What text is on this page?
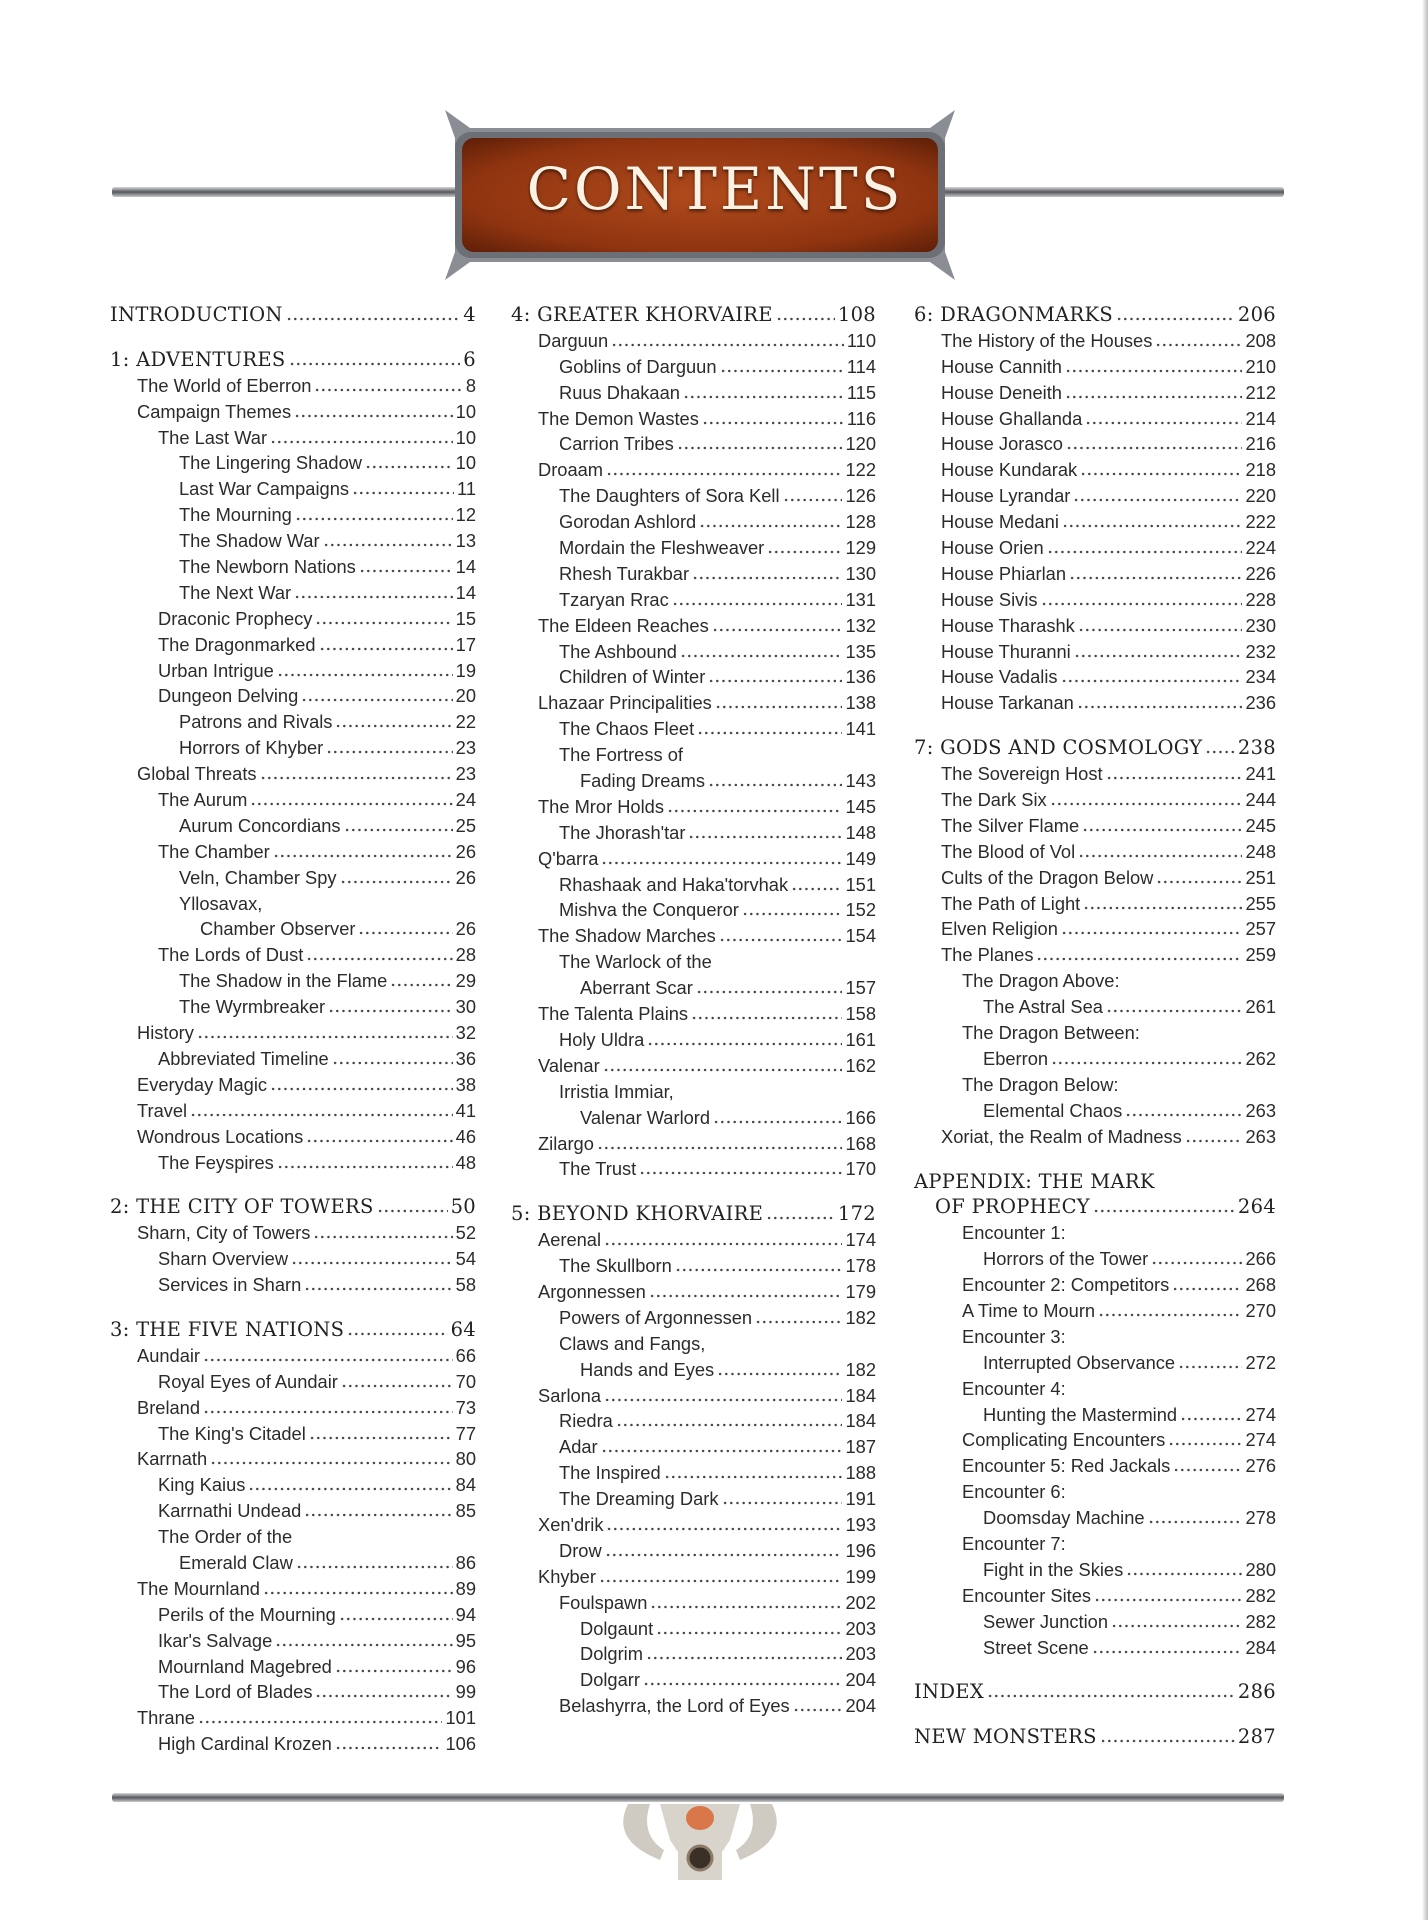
CONTENTS
INTRODUCTION	4
1: ADVENTURES	6
The World of Eberron	8
Campaign Themes	10
The Last War	10
The Lingering Shadow	10
Last War Campaigns	11
The Mourning	12
The Shadow War	13
The Newborn Nations	14
The Next War	14
Draconic Prophecy	15
The Dragonmarked	17
Urban Intrigue	19
Dungeon Delving	20
Patrons and Rivals	22
Horrors of Khyber	23
Global Threats	23
The Aurum	24
Aurum Concordians	25
The Chamber	26
Veln, Chamber Spy	26
Yllosavax,
Chamber Observer	26
The Lords of Dust	28
The Shadow in the Flame	29
The Wyrmbreaker	30
History	32
Abbreviated Timeline	36
Everyday Magic	38
Travel	41
Wondrous Locations	46
The Feyspires	48
2: THE CITY OF TOWERS	50
Sharn, City of Towers	52
Sharn Overview	54
Services in Sharn	58
3: THE FIVE NATIONS	64
Aundair	66
Royal Eyes of Aundair	70
Breland	73
The King's Citadel	77
Karrnath	80
King Kaius	84
Karrnathi Undead	85
The Order of the
Emerald Claw	86
The Mournland	89
Perils of the Mourning	94
Ikar's Salvage	95
Mournland Magebred	96
The Lord of Blades	99
Thrane	101
High Cardinal Krozen	106
4: GREATER KHORVAIRE	108
Darguun	110
Goblins of Darguun	114
Ruus Dhakaan	115
The Demon Wastes	116
Carrion Tribes	120
Droaam	122
The Daughters of Sora Kell	126
Gorodan Ashlord	128
Mordain the Fleshweaver	129
Rhesh Turakbar	130
Tzaryan Rrac	131
The Eldeen Reaches	132
The Ashbound	135
Children of Winter	136
Lhazaar Principalities	138
The Chaos Fleet	141
The Fortress of
Fading Dreams	143
The Mror Holds	145
The Jhorash'tar	148
Q'barra	149
Rhashaak and Haka'torvhak	151
Mishva the Conqueror	152
The Shadow Marches	154
The Warlock of the
Aberrant Scar	157
The Talenta Plains	158
Holy Uldra	161
Valenar	162
Irristia Immiar,
Valenar Warlord	166
Zilargo	168
The Trust	170
5: BEYOND KHORVAIRE	172
Aerenal	174
The Skullborn	178
Argonnessen	179
Powers of Argonnessen	182
Claws and Fangs,
Hands and Eyes	182
Sarlona	184
Riedra	184
Adar	187
The Inspired	188
The Dreaming Dark	191
Xen'drik	193
Drow	196
Khyber	199
Foulspawn	202
Dolgaunt	203
Dolgrim	203
Dolgarr	204
Belashyrra, the Lord of Eyes	204
6: DRAGONMARKS	206
The History of the Houses	208
House Cannith	210
House Deneith	212
House Ghallanda	214
House Jorasco	216
House Kundarak	218
House Lyrandar	220
House Medani	222
House Orien	224
House Phiarlan	226
House Sivis	228
House Tharashk	230
House Thuranni	232
House Vadalis	234
House Tarkanan	236
7: GODS AND COSMOLOGY 238
The Sovereign Host	241
The Dark Six	244
The Silver Flame	245
The Blood of Vol	248
Cults of the Dragon Below	251
The Path of Light	255
Elven Religion	257
The Planes	259
The Dragon Above:
The Astral Sea	261
The Dragon Between:
Eberron	262
The Dragon Below:
Elemental Chaos	263
Xoriat, the Realm of Madness	263
APPENDIX: THE MARK
OF PROPHECY	264
Encounter 1:
Horrors of the Tower	266
Encounter 2: Competitors	268
A Time to Mourn	270
Encounter 3:
Interrupted Observance	272
Encounter 4:
Hunting the Mastermind	274
Complicating Encounters	274
Encounter 5: Red Jackals	276
Encounter 6:
Doomsday Machine	278
Encounter 7:
Fight in the Skies	280
Encounter Sites	282
Sewer Junction	282
Street Scene	284
INDEX	286
NEW MONSTERS	287
